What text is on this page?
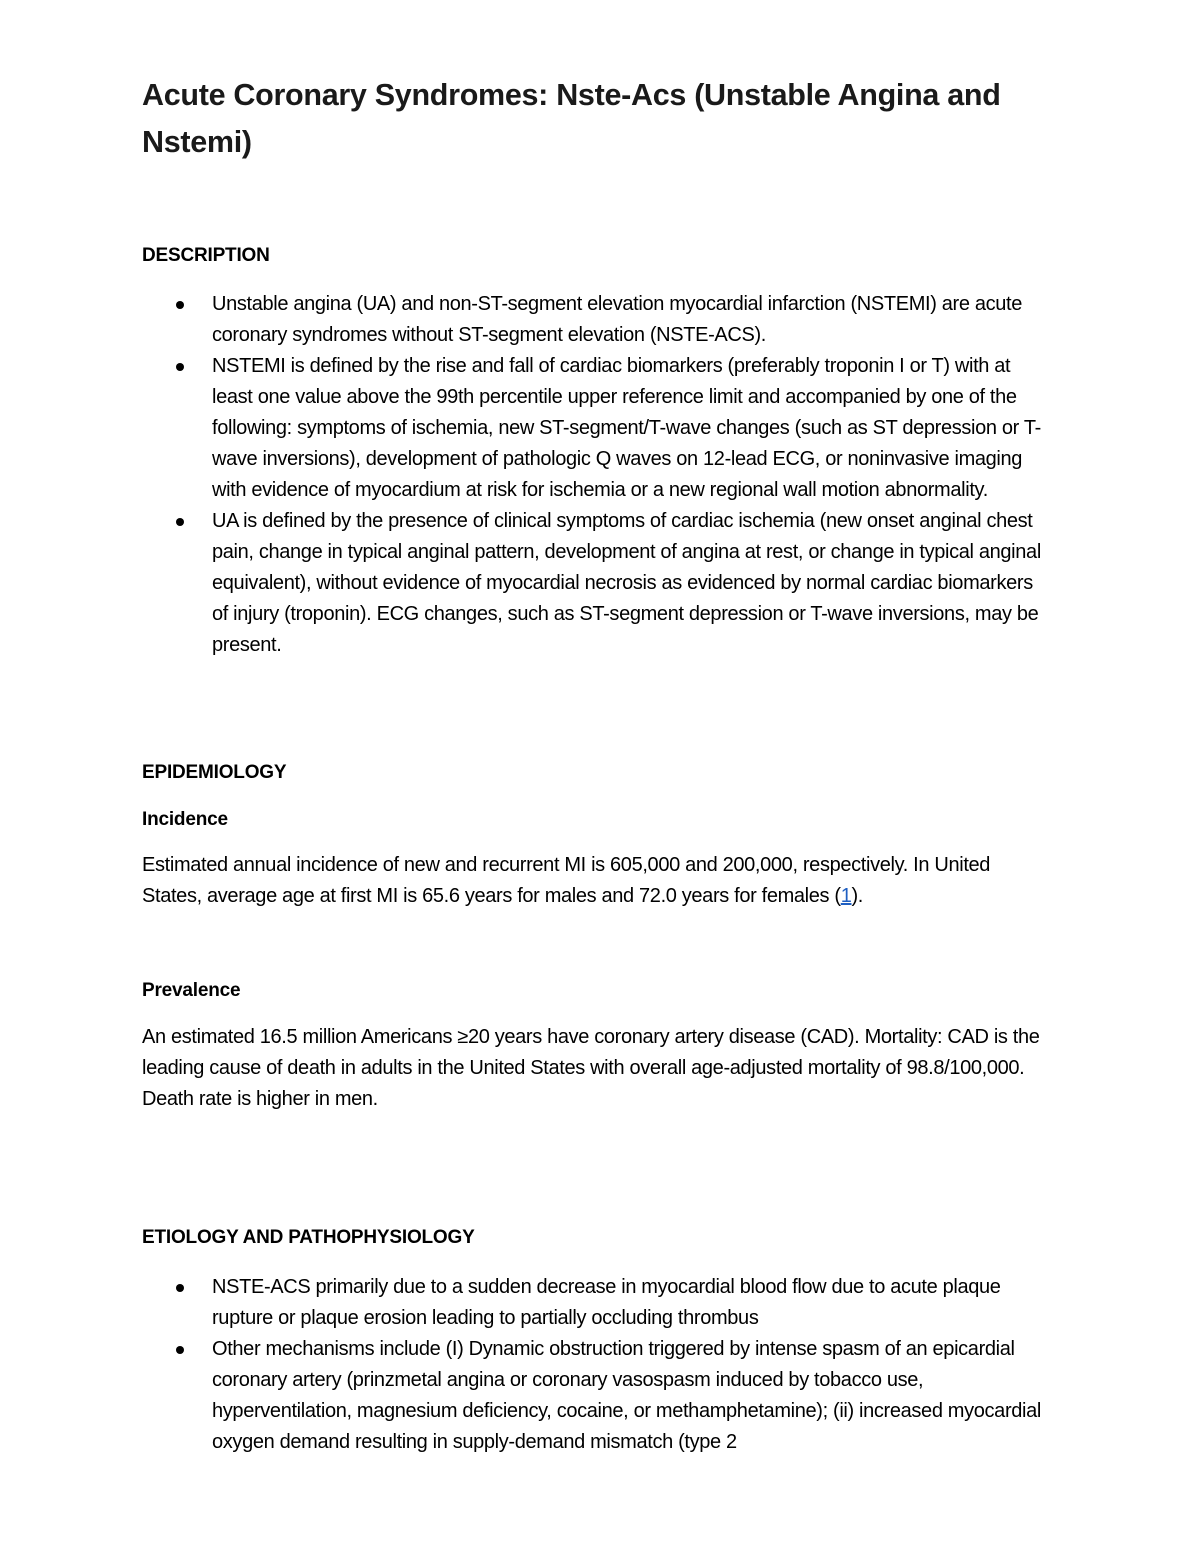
Acute Coronary Syndromes: Nste-Acs (Unstable Angina and Nstemi)
DESCRIPTION
Unstable angina (UA) and non-ST-segment elevation myocardial infarction (NSTEMI) are acute coronary syndromes without ST-segment elevation (NSTE-ACS).
NSTEMI is defined by the rise and fall of cardiac biomarkers (preferably troponin I or T) with at least one value above the 99th percentile upper reference limit and accompanied by one of the following: symptoms of ischemia, new ST-segment/T-wave changes (such as ST depression or T-wave inversions), development of pathologic Q waves on 12-lead ECG, or noninvasive imaging with evidence of myocardium at risk for ischemia or a new regional wall motion abnormality.
UA is defined by the presence of clinical symptoms of cardiac ischemia (new onset anginal chest pain, change in typical anginal pattern, development of angina at rest, or change in typical anginal equivalent), without evidence of myocardial necrosis as evidenced by normal cardiac biomarkers of injury (troponin). ECG changes, such as ST-segment depression or T-wave inversions, may be present.
EPIDEMIOLOGY
Incidence

Estimated annual incidence of new and recurrent MI is 605,000 and 200,000, respectively. In United States, average age at first MI is 65.6 years for males and 72.0 years for females (1).

Prevalence

An estimated 16.5 million Americans ≥20 years have coronary artery disease (CAD). Mortality: CAD is the leading cause of death in adults in the United States with overall age-adjusted mortality of 98.8/100,000. Death rate is higher in men.

ETIOLOGY AND PATHOPHYSIOLOGY
NSTE-ACS primarily due to a sudden decrease in myocardial blood flow due to acute plaque rupture or plaque erosion leading to partially occluding thrombus
Other mechanisms include (I) Dynamic obstruction triggered by intense spasm of an epicardial coronary artery (prinzmetal angina or coronary vasospasm induced by tobacco use, hyperventilation, magnesium deficiency, cocaine, or methamphetamine); (ii) increased myocardial oxygen demand resulting in supply-demand mismatch (type 2
